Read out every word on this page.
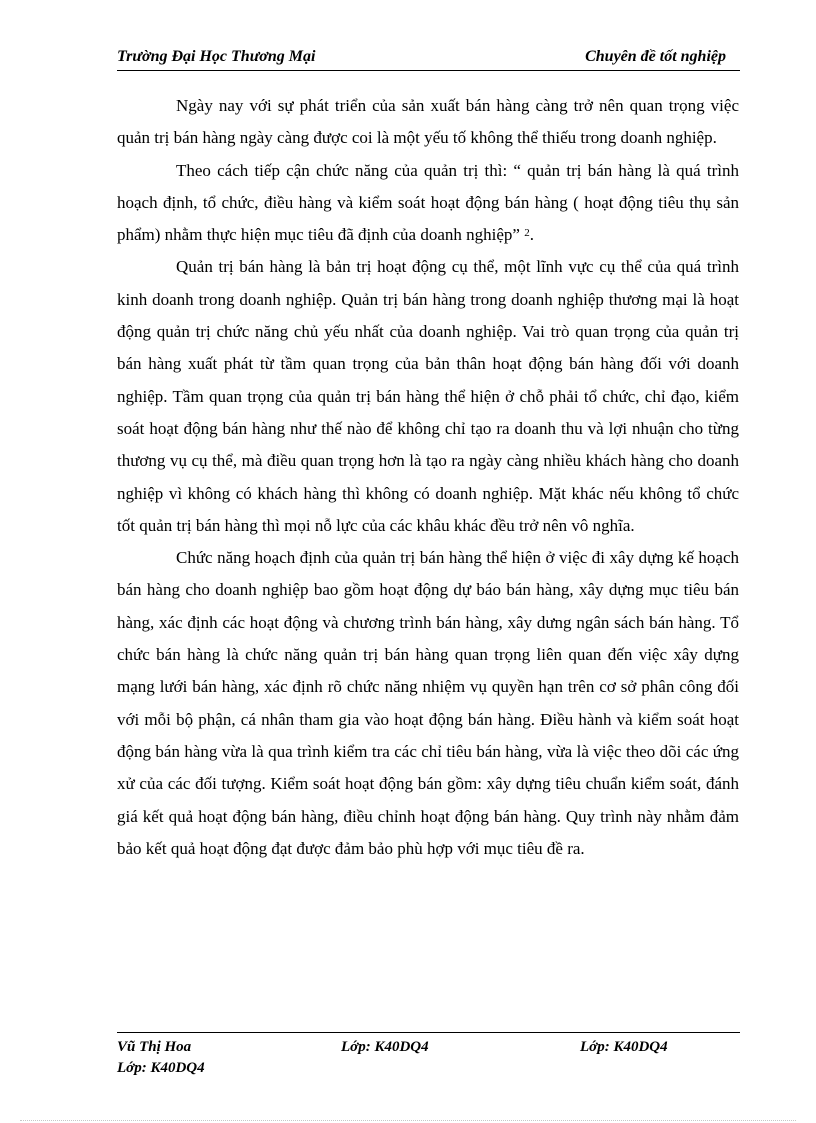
Trường Đại Học Thương Mại	Chuyên đề tốt nghiệp

Ngày nay với sự phát triển của sản xuất bán hàng càng trở nên quan trọng việc quản trị bán hàng ngày càng được coi là một yếu tố không thể thiếu trong doanh nghiệp.

Theo cách tiếp cận chức năng của quản trị thì: “ quản trị bán hàng là quá trình hoạch định, tổ chức, điều hàng và kiểm soát hoạt động bán hàng ( hoạt động tiêu thụ sản phẩm) nhằm thực hiện mục tiêu đã định của doanh nghiệp” $^2$.

Quản trị bán hàng là bản trị hoạt động cụ thể, một lĩnh vực cụ thể của quá trình kinh doanh trong doanh nghiệp. Quản trị bán hàng trong doanh nghiệp thương mại là hoạt động quản trị chức năng chủ yếu nhất của doanh nghiệp. Vai trò quan trọng của quản trị bán hàng xuất phát từ tầm quan trọng của bản thân hoạt động bán hàng đối với doanh nghiệp. Tầm quan trọng của quản trị bán hàng thể hiện ở chỗ phải tổ chức, chỉ đạo, kiểm soát hoạt động bán hàng như thế nào để không chỉ tạo ra doanh thu và lợi nhuận cho từng thương vụ cụ thể, mà điều quan trọng hơn là tạo ra ngày càng nhiều khách hàng cho doanh nghiệp vì không có khách hàng thì không có doanh nghiệp. Mặt khác nếu không tổ chức tốt quản trị bán hàng thì mọi nỗ lực của các khâu khác đều trở nên vô nghĩa.

Chức năng hoạch định của quản trị bán hàng thể hiện ở việc đi xây dựng kế hoạch bán hàng cho doanh nghiệp bao gồm hoạt động dự báo bán hàng, xây dựng mục tiêu bán hàng, xác định các hoạt động và chương trình bán hàng, xây dưng ngân sách bán hàng. Tổ chức bán hàng là chức năng quản trị bán hàng quan trọng liên quan đến việc xây dựng mạng lưới bán hàng, xác định rõ chức năng nhiệm vụ quyền hạn trên cơ sở phân công đối với mỗi bộ phận, cá nhân tham gia vào hoạt động bán hàng. Điều hành và kiểm soát hoạt động bán hàng vừa là qua trình kiểm tra các chỉ tiêu bán hàng, vừa là việc theo dõi các ứng xử của các đối tượng. Kiểm soát hoạt động bán gồm: xây dựng tiêu chuẩn kiểm soát, đánh giá kết quả hoạt động bán hàng, điều chỉnh hoạt động bán hàng. Quy trình này nhằm đảm bảo kết quả hoạt động đạt được đảm bảo phù hợp với mục tiêu đề ra.

Vũ Thị Hoa	Lớp: K40DQ4	Lớp: K40DQ4
Lớp: K40DQ4
